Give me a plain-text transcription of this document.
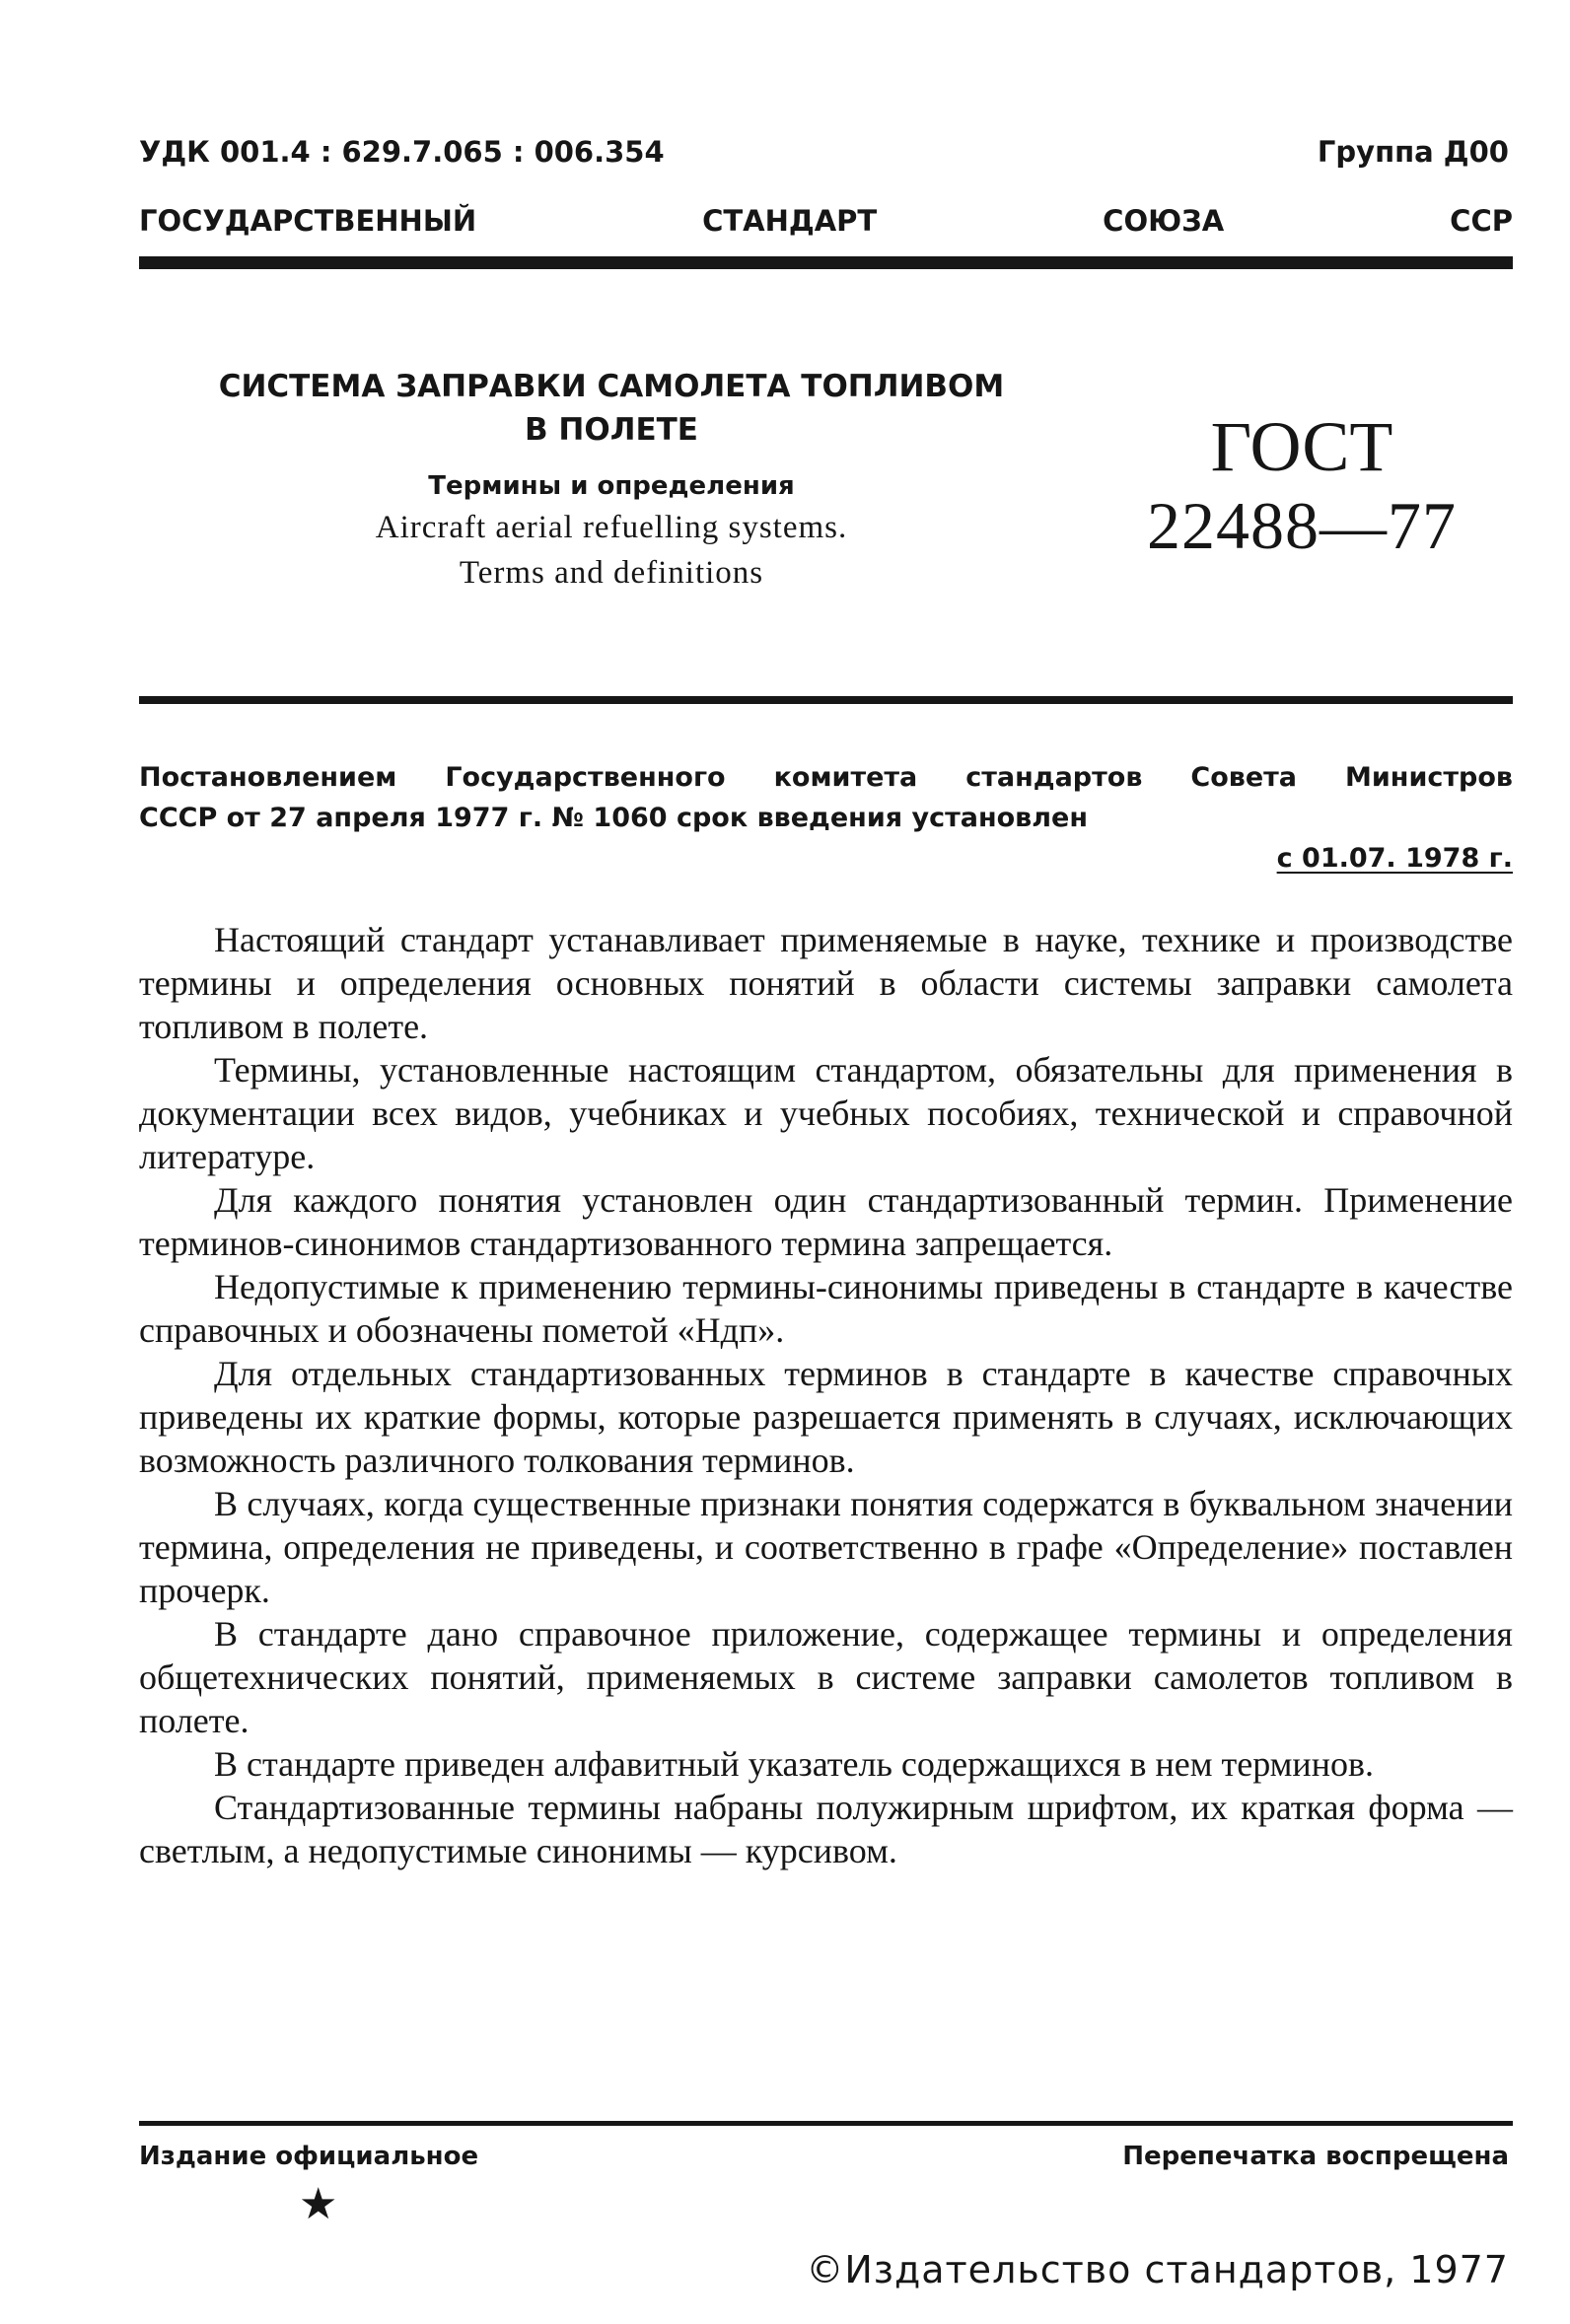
УДК 001.4 : 629.7.065 : 006.354	Группа Д00
ГОСУДАРСТВЕННЫЙ	СТАНДАРТ	СОЮЗА	ССР
СИСТЕМА ЗАПРАВКИ САМОЛЕТА ТОПЛИВОМ
В ПОЛЕТЕ
Термины и определения
Aircraft aerial refuelling systems.
Terms and definitions
ГОСТ
22488—77
Постановлением Государственного комитета стандартов Совета Министров
СССР от 27 апреля 1977 г. № 1060 срок введения установлен
с 01.07. 1978 г.

Настоящий стандарт устанавливает применяемые в науке, технике и производстве термины и определения основных понятий в области системы заправки самолета топливом в полете.

Термины, установленные настоящим стандартом, обязательны для применения в документации всех видов, учебниках и учебных пособиях, технической и справочной литературе.

Для каждого понятия установлен один стандартизованный термин. Применение терминов-синонимов стандартизованного термина запрещается.

Недопустимые к применению термины-синонимы приведены в стандарте в качестве справочных и обозначены пометой «Ндп».

Для отдельных стандартизованных терминов в стандарте в качестве справочных приведены их краткие формы, которые разрешается применять в случаях, исключающих возможность различного толкования терминов.

В случаях, когда существенные признаки понятия содержатся в буквальном значении термина, определения не приведены, и соответственно в графе «Определение» поставлен прочерк.

В стандарте дано справочное приложение, содержащее термины и определения общетехнических понятий, применяемых в системе заправки самолетов топливом в полете.

В стандарте приведен алфавитный указатель содержащихся в нем терминов.

Стандартизованные термины набраны полужирным шрифтом, их краткая форма — светлым, а недопустимые синонимы — курсивом.

Издание официальное	Перепечатка воспрещена
★
©Издательство стандартов, 1977
